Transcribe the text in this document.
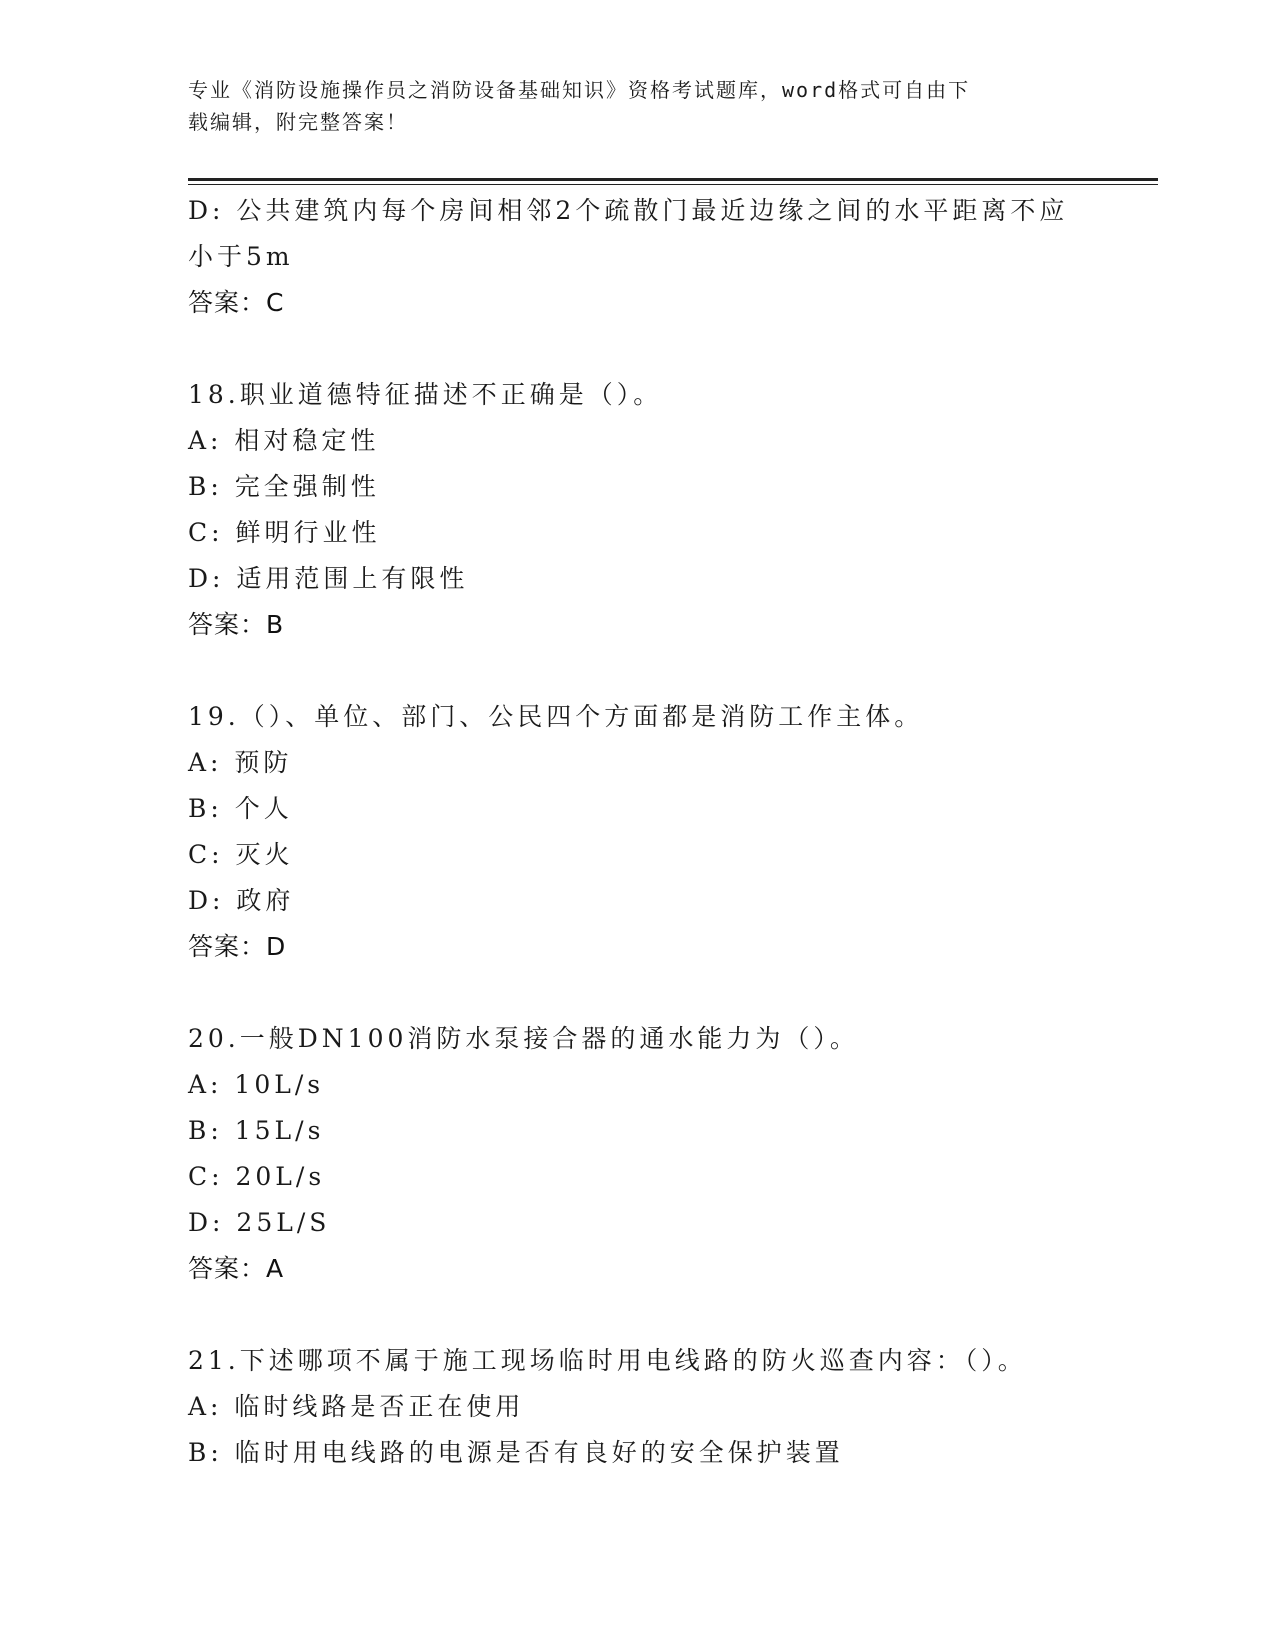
专业《消防设施操作员之消防设备基础知识》资格考试题库，word格式可自由下
载编辑，附完整答案！
D: 公共建筑内每个房间相邻2个疏散门最近边缘之间的水平距离不应
小于5m
答案：C
18.职业道德特征描述不正确是（）。
A: 相对稳定性
B: 完全强制性
C: 鲜明行业性
D: 适用范围上有限性
答案：B
19.（）、单位、部门、公民四个方面都是消防工作主体。
A: 预防
B: 个人
C: 灭火
D: 政府
答案：D
20.一般DN100消防水泵接合器的通水能力为（）。
A: 10L/s
B: 15L/s
C: 20L/s
D: 25L/S
答案：A
21.下述哪项不属于施工现场临时用电线路的防火巡查内容：（）。
A: 临时线路是否正在使用
B: 临时用电线路的电源是否有良好的安全保护装置
